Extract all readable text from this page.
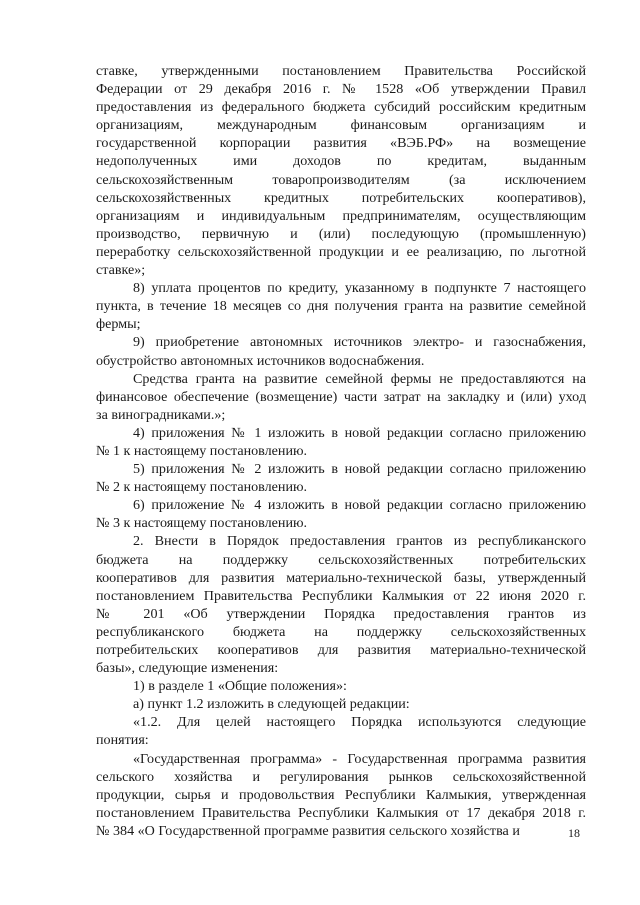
ставке, утвержденными постановлением Правительства Российской
Федерации от 29 декабря 2016 г. № 1528 «Об утверждении Правил
предоставления из федерального бюджета субсидий российским кредитным
организациям, международным финансовым организациям и
государственной корпорации развития «ВЭБ.РФ» на возмещение
недополученных ими доходов по кредитам, выданным
сельскохозяйственным товаропроизводителям (за исключением
сельскохозяйственных кредитных потребительских кооперативов),
организациям и индивидуальным предпринимателям, осуществляющим
производство, первичную и (или) последующую (промышленную)
переработку сельскохозяйственной продукции и ее реализацию, по льготной
ставке»;
8) уплата процентов по кредиту, указанному в подпункте 7 настоящего
пункта, в течение 18 месяцев со дня получения гранта на развитие семейной
фермы;
9) приобретение автономных источников электро- и газоснабжения,
обустройство автономных источников водоснабжения.
Средства гранта на развитие семейной фермы не предоставляются на
финансовое обеспечение (возмещение) части затрат на закладку и (или) уход
за виноградниками.»;
4) приложения № 1 изложить в новой редакции согласно приложению
№ 1 к настоящему постановлению.
5) приложения № 2 изложить в новой редакции согласно приложению
№ 2 к настоящему постановлению.
6) приложение № 4 изложить в новой редакции согласно приложению
№ 3 к настоящему постановлению.
2. Внести в Порядок предоставления грантов из республиканского
бюджета на поддержку сельскохозяйственных потребительских
кооперативов для развития материально-технической базы, утвержденный
постановлением Правительства Республики Калмыкия от 22 июня 2020 г.
№ 201 «Об утверждении Порядка предоставления грантов из
республиканского бюджета на поддержку сельскохозяйственных
потребительских кооперативов для развития материально-технической
базы», следующие изменения:
1) в разделе 1 «Общие положения»:
а) пункт 1.2 изложить в следующей редакции:
«1.2. Для целей настоящего Порядка используются следующие
понятия:
«Государственная программа» - Государственная программа развития
сельского хозяйства и регулирования рынков сельскохозяйственной
продукции, сырья и продовольствия Республики Калмыкия, утвержденная
постановлением Правительства Республики Калмыкия от 17 декабря 2018 г.
№ 384 «О Государственной программе развития сельского хозяйства и	18
